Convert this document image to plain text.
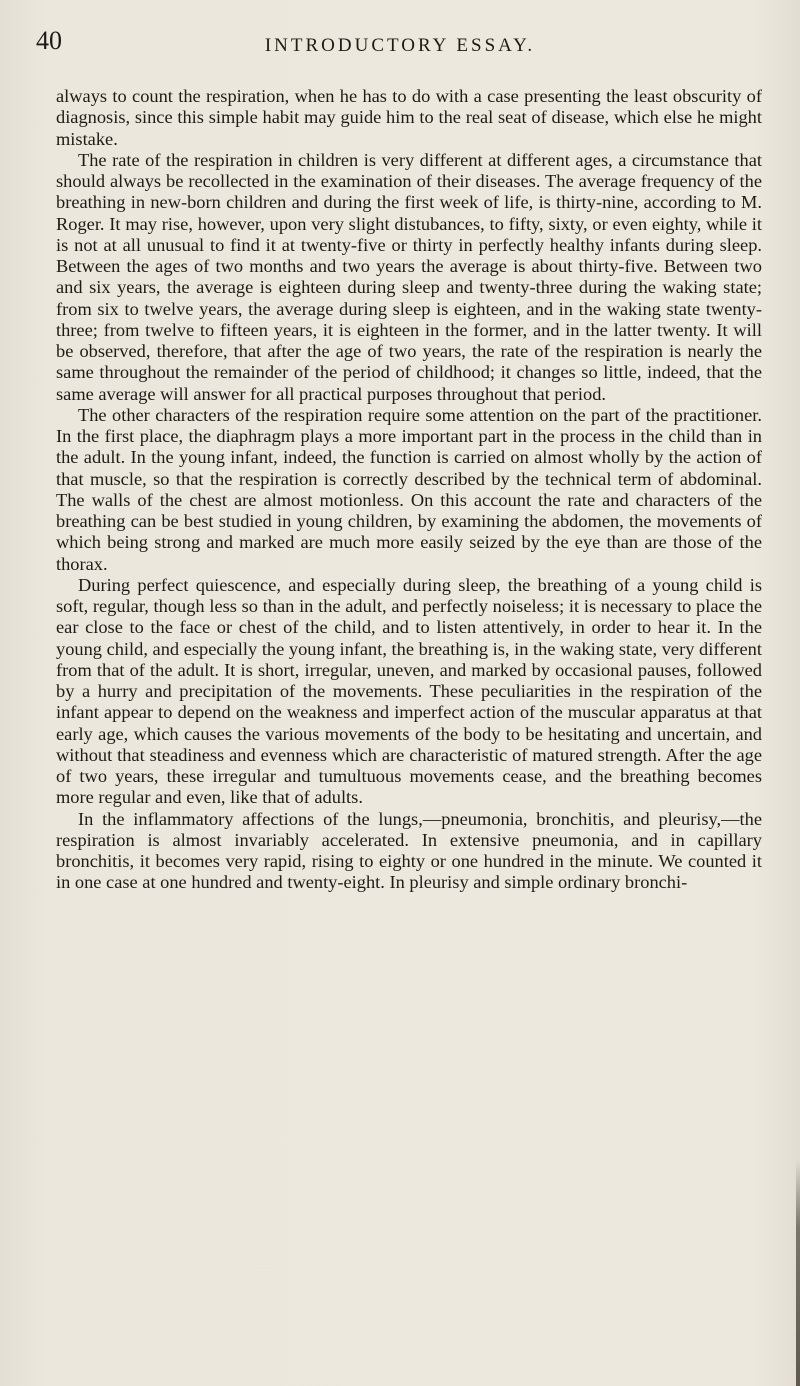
40	INTRODUCTORY ESSAY.

always to count the respiration, when he has to do with a case presenting the least obscurity of diagnosis, since this simple habit may guide him to the real seat of disease, which else he might mistake.

The rate of the respiration in children is very different at different ages, a circumstance that should always be recollected in the examination of their diseases. The average frequency of the breathing in new-born children and during the first week of life, is thirty-nine, according to M. Roger. It may rise, however, upon very slight distubances, to fifty, sixty, or even eighty, while it is not at all unusual to find it at twenty-five or thirty in perfectly healthy infants during sleep. Between the ages of two months and two years the average is about thirty-five. Between two and six years, the average is eighteen during sleep and twenty-three during the waking state; from six to twelve years, the average during sleep is eighteen, and in the waking state twenty-three; from twelve to fifteen years, it is eighteen in the former, and in the latter twenty. It will be observed, therefore, that after the age of two years, the rate of the respiration is nearly the same throughout the remainder of the period of childhood; it changes so little, indeed, that the same average will answer for all practical purposes throughout that period.

The other characters of the respiration require some attention on the part of the practitioner. In the first place, the diaphragm plays a more important part in the process in the child than in the adult. In the young infant, indeed, the function is carried on almost wholly by the action of that muscle, so that the respiration is correctly described by the technical term of abdominal. The walls of the chest are almost motionless. On this account the rate and characters of the breathing can be best studied in young children, by examining the abdomen, the movements of which being strong and marked are much more easily seized by the eye than are those of the thorax.

During perfect quiescence, and especially during sleep, the breathing of a young child is soft, regular, though less so than in the adult, and perfectly noiseless; it is necessary to place the ear close to the face or chest of the child, and to listen attentively, in order to hear it. In the young child, and especially the young infant, the breathing is, in the waking state, very different from that of the adult. It is short, irregular, uneven, and marked by occasional pauses, followed by a hurry and precipitation of the movements. These peculiarities in the respiration of the infant appear to depend on the weakness and imperfect action of the muscular apparatus at that early age, which causes the various movements of the body to be hesitating and uncertain, and without that steadiness and evenness which are characteristic of matured strength. After the age of two years, these irregular and tumultuous movements cease, and the breathing becomes more regular and even, like that of adults.

In the inflammatory affections of the lungs,—pneumonia, bronchitis, and pleurisy,—the respiration is almost invariably accelerated. In extensive pneumonia, and in capillary bronchitis, it becomes very rapid, rising to eighty or one hundred in the minute. We counted it in one case at one hundred and twenty-eight. In pleurisy and simple ordinary bronchi-
